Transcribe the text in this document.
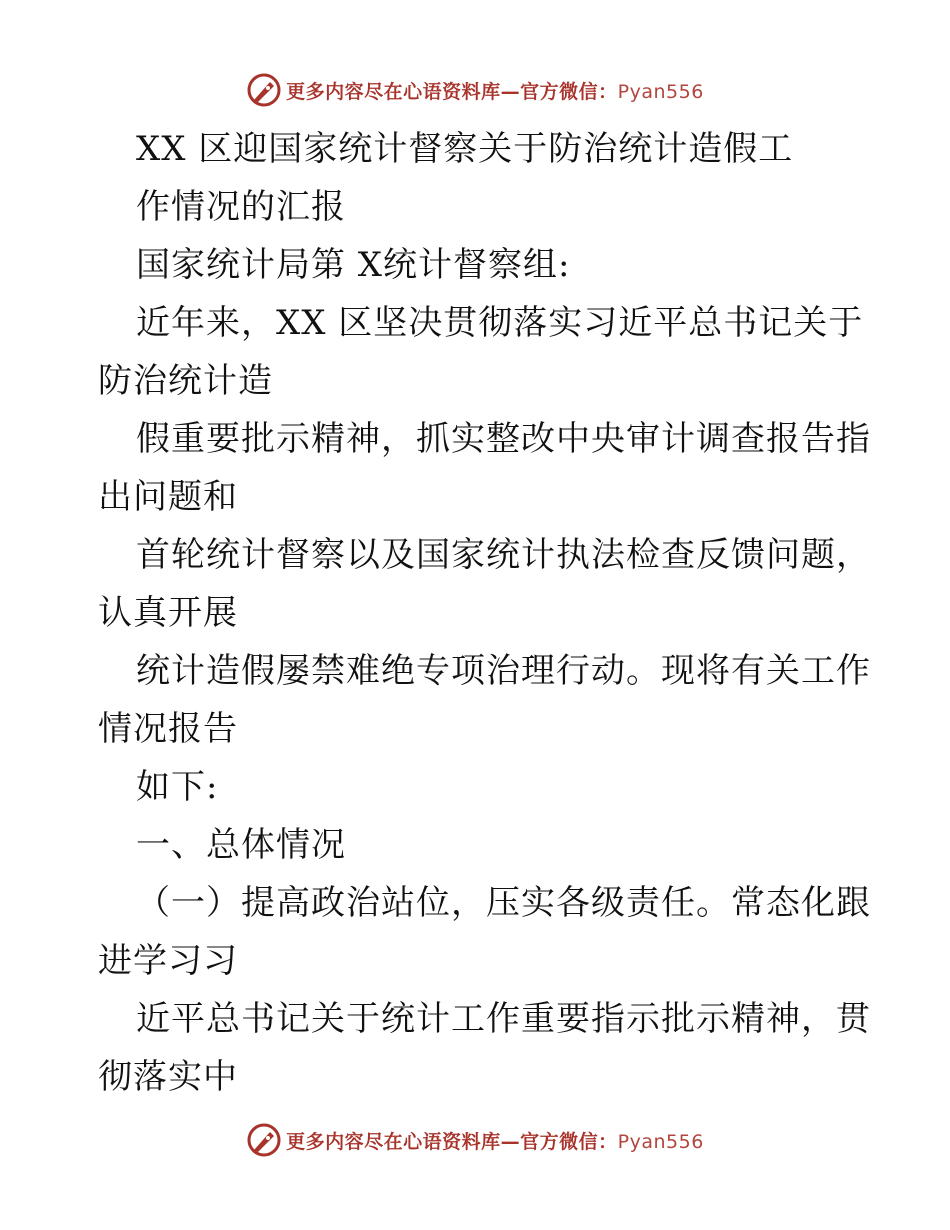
更多内容尽在心语资料库—官方微信：Pyan556
XX 区迎国家统计督察关于防治统计造假工
作情况的汇报
国家统计局第 X统计督察组:
近年来，XX 区坚决贯彻落实习近平总书记关于
防治统计造
假重要批示精神，抓实整改中央审计调查报告指
出问题和
首轮统计督察以及国家统计执法检查反馈问题，
认真开展
统计造假屡禁难绝专项治理行动。现将有关工作
情况报告
如下:
一、总体情况
（一）提高政治站位，压实各级责任。常态化跟
进学习习
近平总书记关于统计工作重要指示批示精神，贯
彻落实中
更多内容尽在心语资料库—官方微信：Pyan556
